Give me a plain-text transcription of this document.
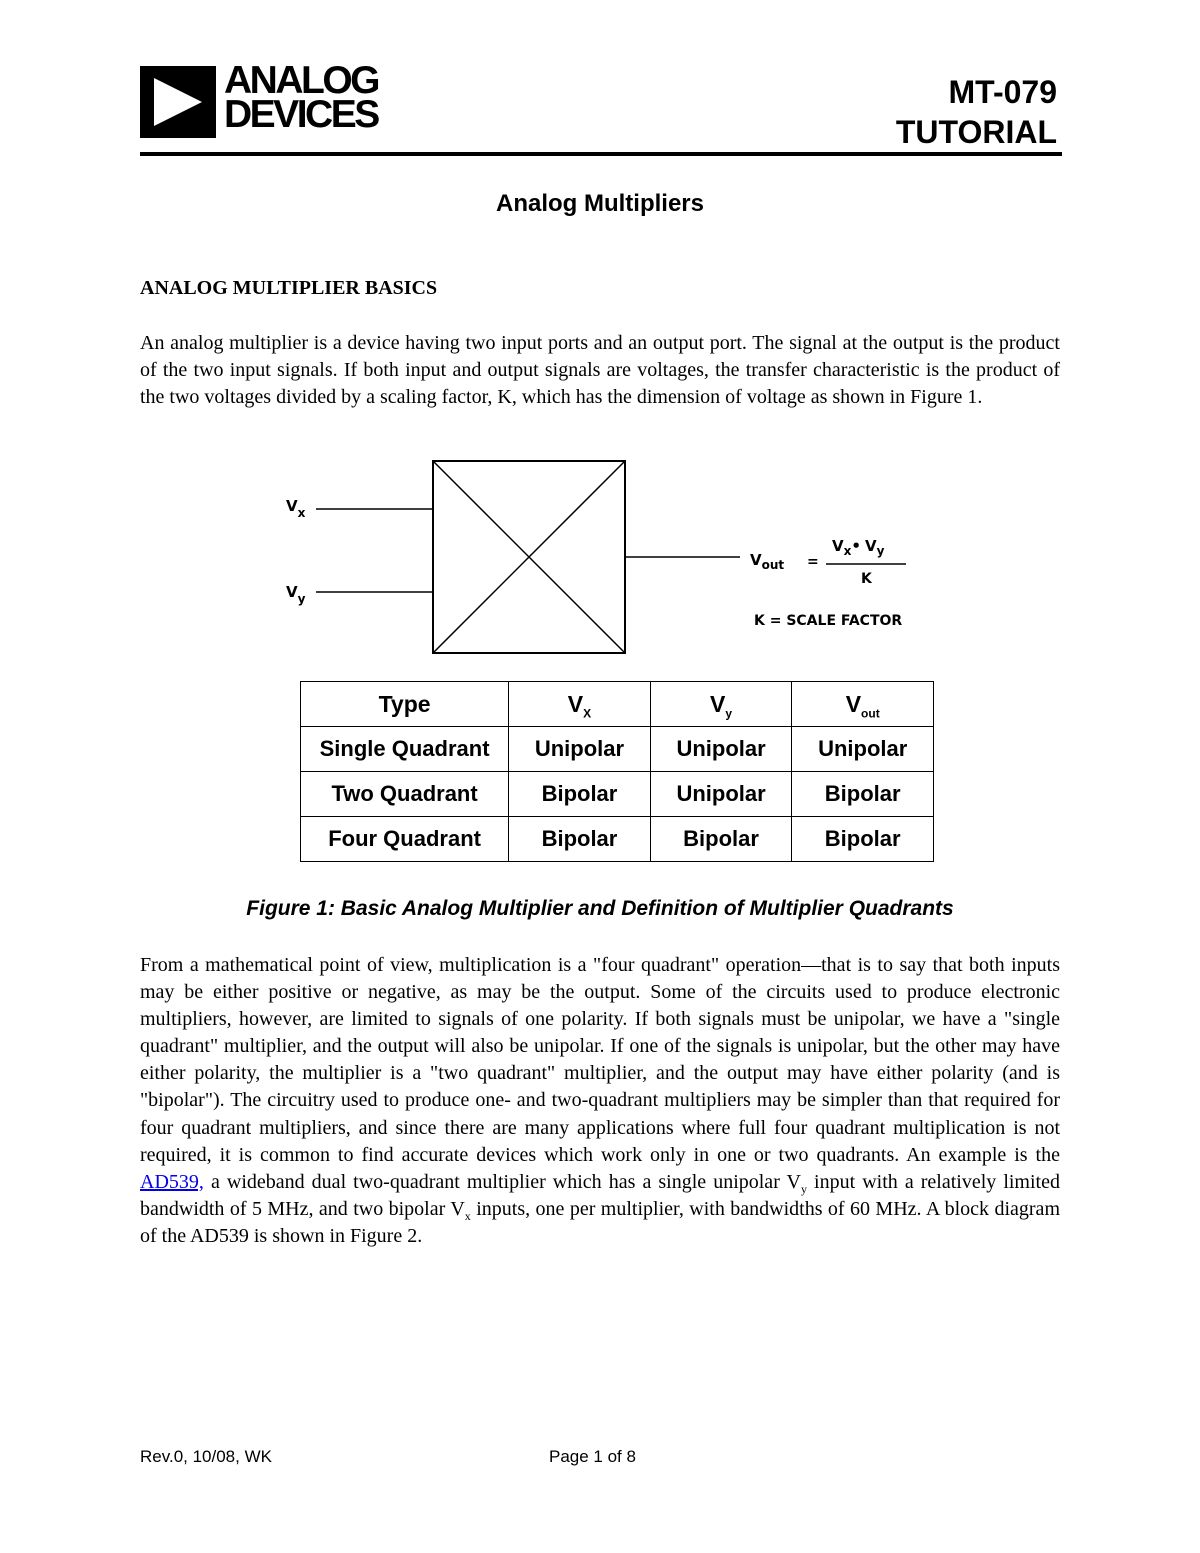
ANALOG
DEVICES
MT-079
TUTORIAL
Analog Multipliers
ANALOG MULTIPLIER BASICS
An analog multiplier is a device having two input ports and an output port. The signal at the output is the product of the two input signals. If both input and output signals are voltages, the transfer characteristic is the product of the two voltages divided by a scaling factor, K, which has the dimension of voltage as shown in Figure 1.
$V_x$
$V_y$
$V_{out}$ =
$V_x•$ $V_y$
K
K = SCALE FACTOR
Type	$V_X$	$V_y$	$V_{out}$
Single Quadrant	Unipolar	Unipolar	Unipolar
Two Quadrant	Bipolar	Unipolar	Bipolar
Four Quadrant	Bipolar	Bipolar	Bipolar
Figure 1: Basic Analog Multiplier and Definition of Multiplier Quadrants
From a mathematical point of view, multiplication is a "four quadrant" operation—that is to say that both inputs may be either positive or negative, as may be the output. Some of the circuits used to produce electronic multipliers, however, are limited to signals of one polarity. If both signals must be unipolar, we have a "single quadrant" multiplier, and the output will also be unipolar. If one of the signals is unipolar, but the other may have either polarity, the multiplier is a "two quadrant" multiplier, and the output may have either polarity (and is "bipolar"). The circuitry used to produce one- and two-quadrant multipliers may be simpler than that required for four quadrant multipliers, and since there are many applications where full four quadrant multiplication is not required, it is common to find accurate devices which work only in one or two quadrants. An example is the AD539, a wideband dual two-quadrant multiplier which has a single unipolar $V_y$ input with a relatively limited bandwidth of 5 MHz, and two bipolar $V_x$ inputs, one per multiplier, with bandwidths of 60 MHz. A block diagram of the AD539 is shown in Figure 2.
Rev.0, 10/08, WK	Page 1 of 8
